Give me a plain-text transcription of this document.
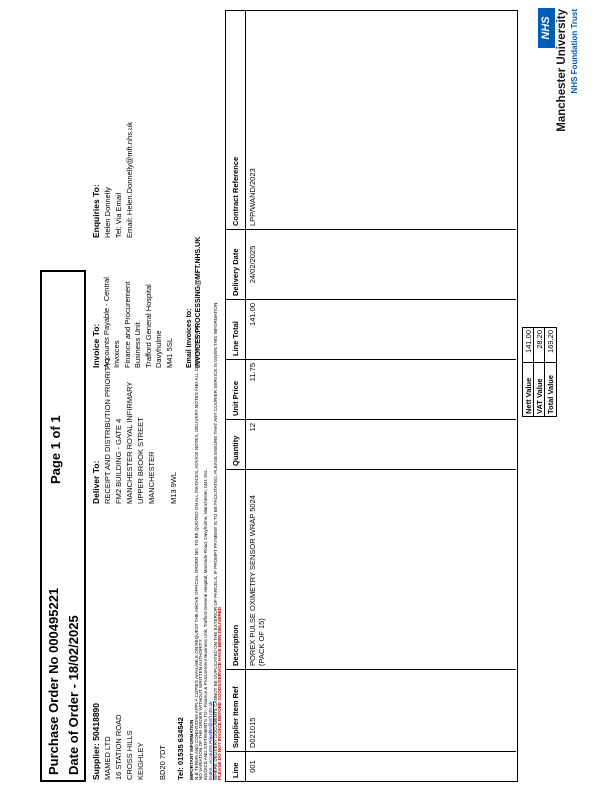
Purchase Order No 000495221 Date of Order - 18/02/2025
Page 1 of 1
Supplier: 50418890 MAMED LTD 16 STATION ROAD CROSS HILLS KEIGHLEY BD20 7DT Tel: 01535 634542
Deliver To: RECEIPT AND DISTRIBUTION PRIORITY1 FM2 BUILDING - GATE 4 MANCHESTER ROYAL INFIRMARY UPPER BROOK STREET MANCHESTER M13 9WL
Invoice To: Accounts Payable - Central Invoices Finance and Procurement Business Unit Trafford General Hospital Davyhulme M41 5SL Email Invoices to: INVOICES.PROCESSING@MFT.NHS.UK
Enquiries To: Helen Donnelly Tel: Via Email Email: Helen.Donnelly@mft.nhs.uk
IMPORTANT INFORMATION N.B TERMS AND CONDITIONS APPLY COPIES AVAILABLE ON REQUEST THE ABOVE OFFICIAL ORDER NO. TO BE QUOTED ON ALL INVOICES, ADVICE NOTES, DELIVERY NOTES AND ALL CORRESPONDENCE. NO VARIATION OF THE ORDER WITHOUT WRITTEN AUTHORITY INVOICE AND STATEMENTS TO:- Finance & Procurement Business Unit, Trafford General Hospital, Moorside Road, Davyhulme, Manchester, M41 5SL. EMAIL: Accounts.Payable@mft.nhs.uk WHERE DELIVERY DOCUMENTS CANNOT BE DUPLICATED ON THE EXTERIOR OF PARCELS, IF PROMPT PAYMENT IS TO BE FACILITATED, PLEASE ENSURE THAT ANY COURIER SERVICE IS GIVEN THIS INFORMATION PLEASE DO NOT INVOICE BEFORE GOODS/SERVICE HAVE BEEN DELIVERED	Line
Supplier Item Ref
Description
Quantity
Unit Price
Line Total
Delivery Date
Contract Reference
001
D021015
POREX PULSE OXIMETRY SENSOR WRAP 5024 (PACK OF 15)
12
11.75
141.00
24/02/2025
LPP/WAND/2023
Nett Value
141.00
VAT Value
28.20
Total Value
169.20
NHS Manchester University NHS Foundation Trust
